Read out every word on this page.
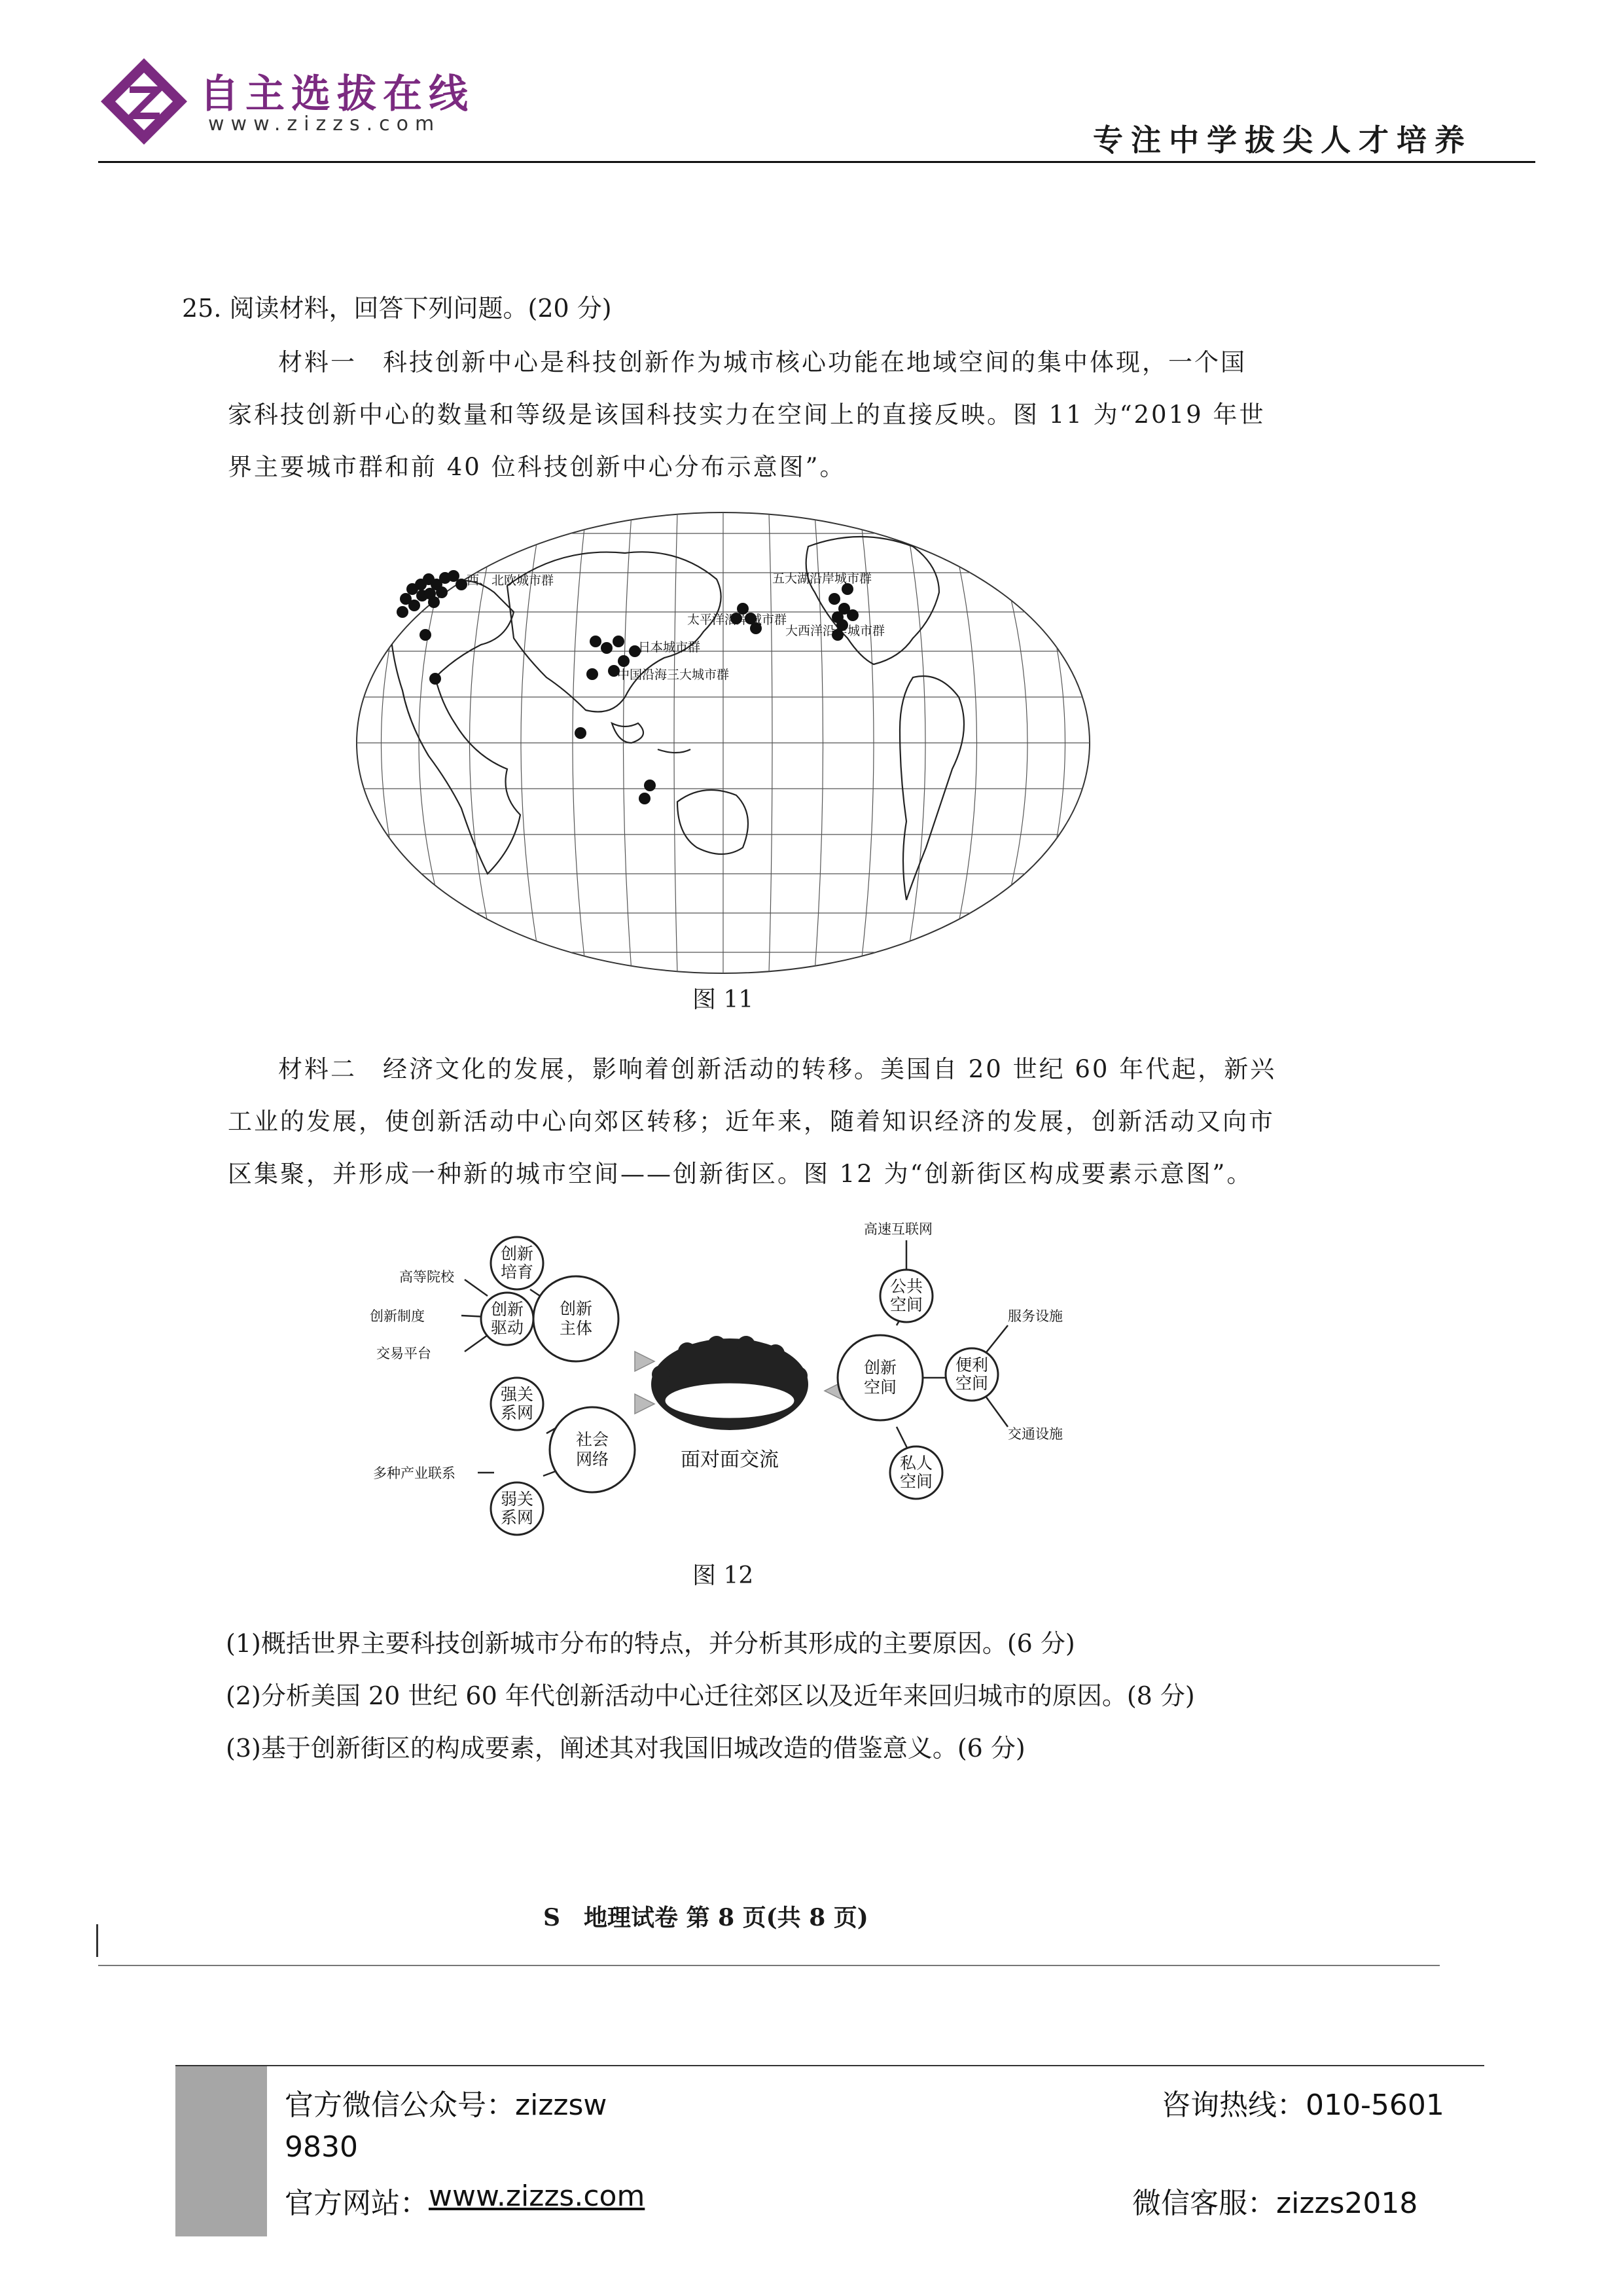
自主选拔在线
www.zizzs.com	专注中学拔尖人才培养
25. 阅读材料，回答下列问题。(20 分)
材料一　科技创新中心是科技创新作为城市核心功能在地域空间的集中体现，一个国
家科技创新中心的数量和等级是该国科技实力在空间上的直接反映。图 11 为“2019 年世
界主要城市群和前 40 位科技创新中心分布示意图”。
西、北欧城市群
日本城市群
中国沿海三大城市群
五大湖沿岸城市群
太平洋沿岸城市群
大西洋沿岸城市群
图 11
材料二　经济文化的发展，影响着创新活动的转移。美国自 20 世纪 60 年代起，新兴
工业的发展，使创新活动中心向郊区转移；近年来，随着知识经济的发展，创新活动又向市
区集聚，并形成一种新的城市空间——创新街区。图 12 为“创新街区构成要素示意图”。
面对面交流
创新
主体
创新
培育
创新
驱动
高等院校
创新制度
交易平台
社会
网络
强关
系网
弱关
系网
多种产业联系
创新
空间
公共
空间
高速互联网
便利
空间
服务设施
交通设施
私人
空间
图 12
(1)概括世界主要科技创新城市分布的特点，并分析其形成的主要原因。(6 分)
(2)分析美国 20 世纪 60 年代创新活动中心迁往郊区以及近年来回归城市的原因。(8 分)
(3)基于创新街区的构成要素，阐述其对我国旧城改造的借鉴意义。(6 分)
S　地理试卷 第 8 页(共 8 页)
官方微信公众号：zizzsw
9830
咨询热线：010-5601
官方网站： www.zizzs.com	微信客服：zizzs2018
